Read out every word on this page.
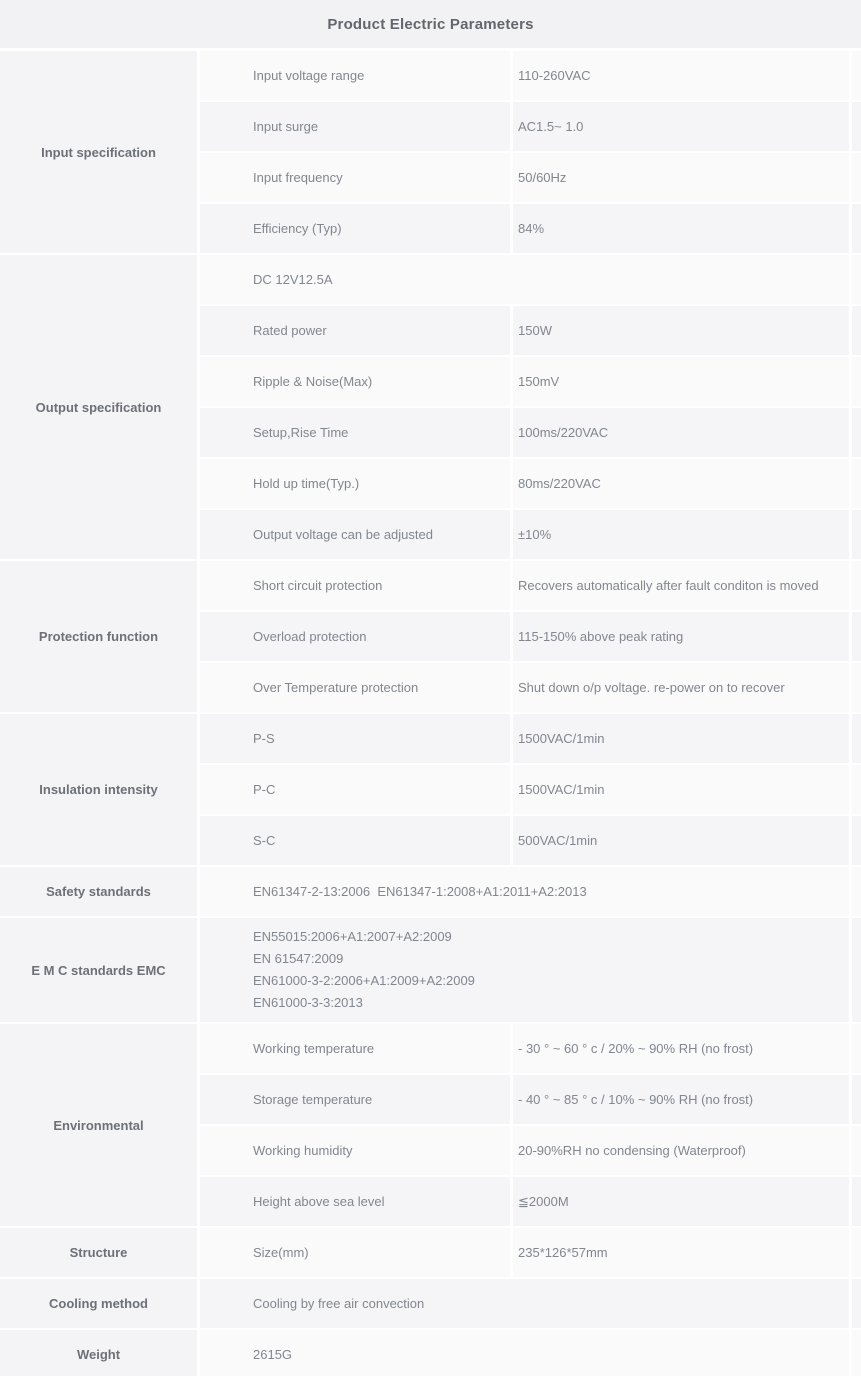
Product Electric Parameters
Input specification
Input voltage range	110-260VAC
Input surge	AC1.5~ 1.0
Input frequency	50/60Hz
Efficiency (Typ)	84%
Output specification
DC 12V12.5A
Rated power	150W
Ripple & Noise(Max)	150mV
Setup,Rise Time	100ms/220VAC
Hold up time(Typ.)	80ms/220VAC
Output voltage can be adjusted	±10%
Protection function
Short circuit protection	Recovers automatically after fault conditon is moved
Overload protection	115-150% above peak rating
Over Temperature protection	Shut down o/p voltage. re-power on to recover
Insulation intensity
P-S	1500VAC/1min
P-C	1500VAC/1min
S-C	500VAC/1min
Safety standards	EN61347-2-13:2006  EN61347-1:2008+A1:2011+A2:2013
E M C standards EMC
EN55015:2006+A1:2007+A2:2009
EN 61547:2009
EN61000-3-2:2006+A1:2009+A2:2009
EN61000-3-3:2013
Environmental
Working temperature	- 30 ° ~ 60 ° c / 20% ~ 90% RH (no frost)
Storage temperature	- 40 ° ~ 85 ° c / 10% ~ 90% RH (no frost)
Working humidity	20-90%RH no condensing (Waterproof)
Height above sea level	≦2000M
Structure	Size(mm)	235*126*57mm
Cooling method	Cooling by free air convection
Weight	2615G
